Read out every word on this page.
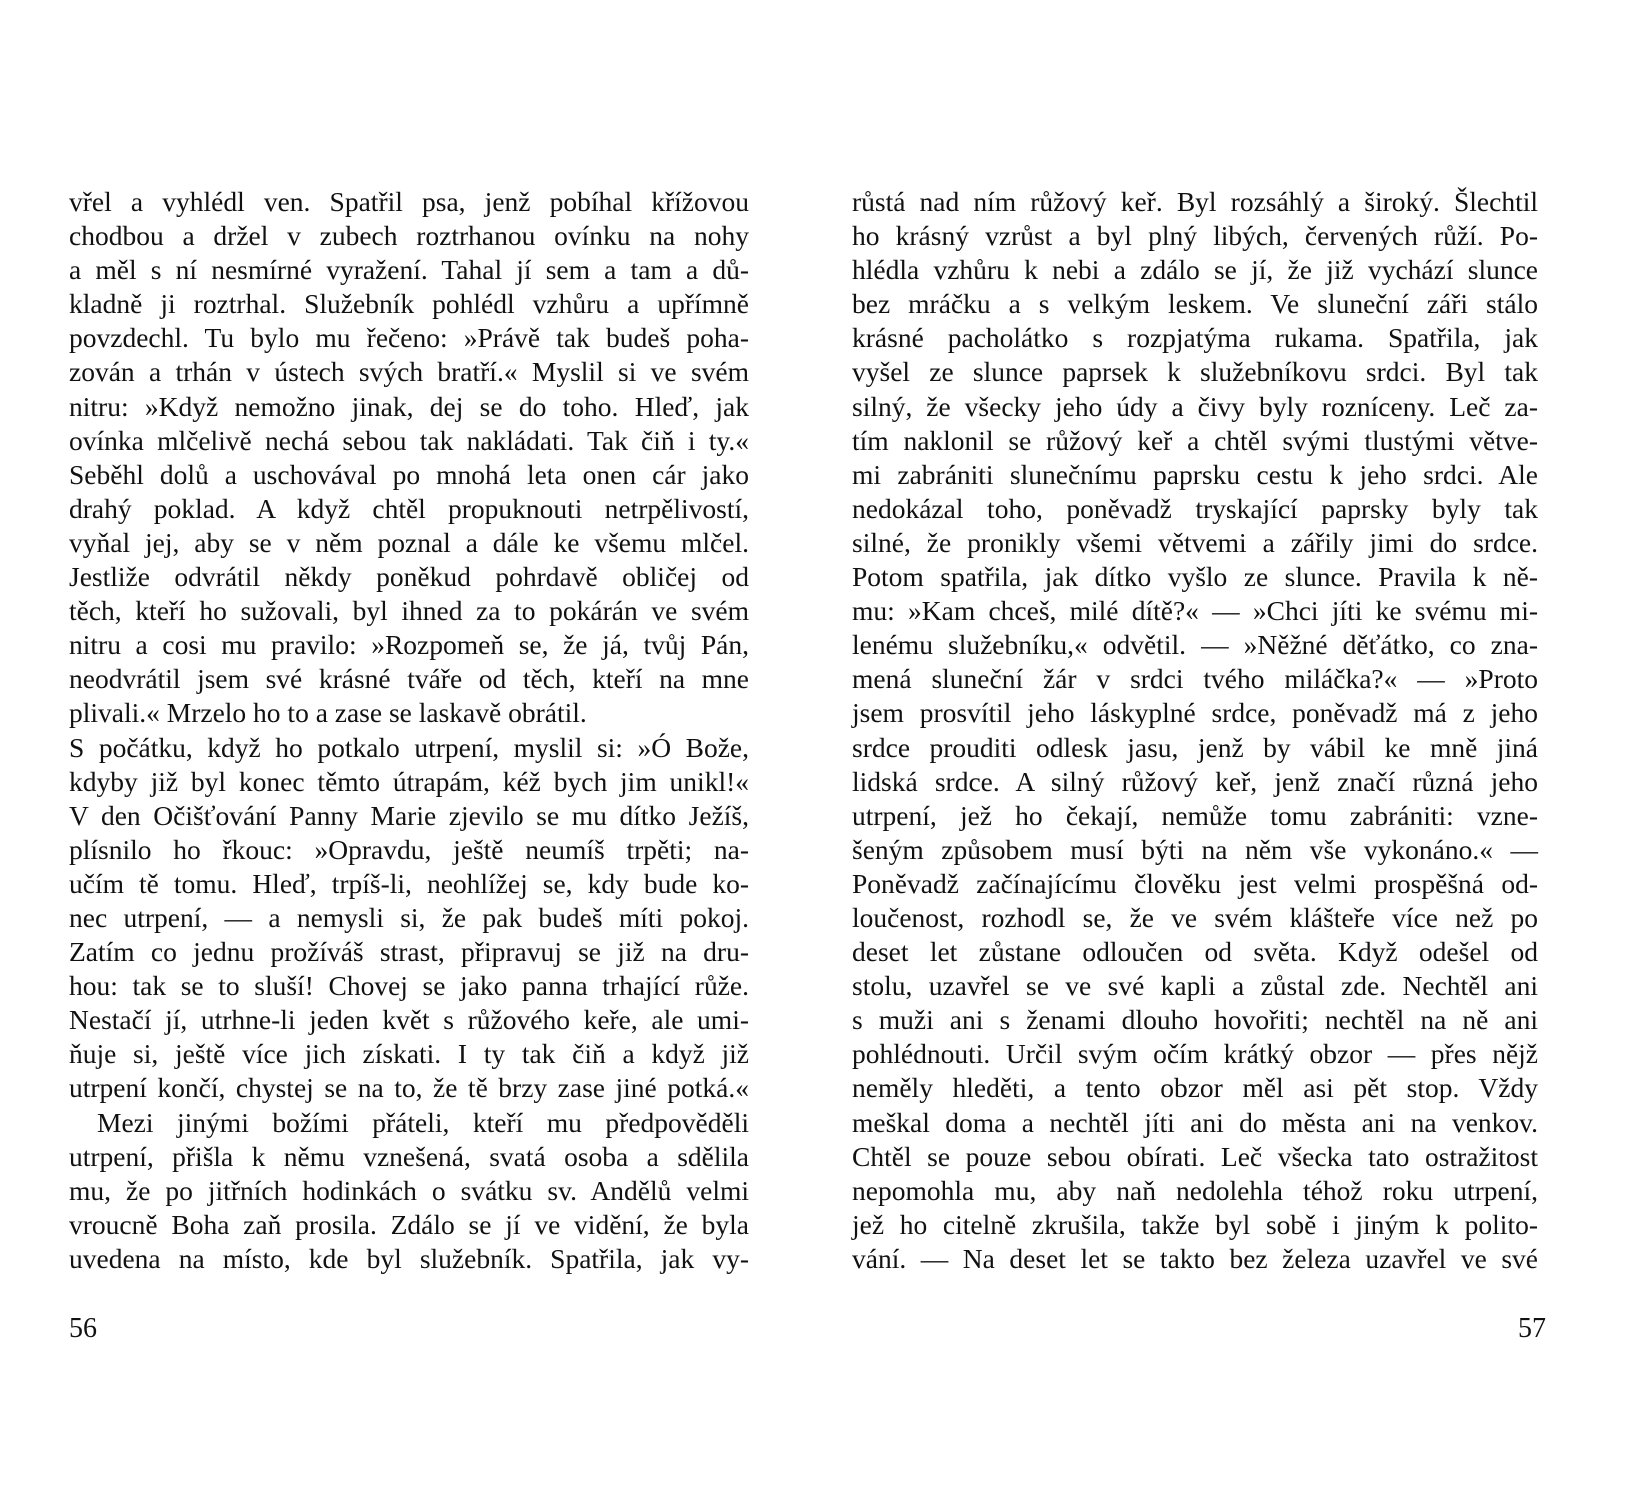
vřel a vyhlédl ven. Spatřil psa, jenž pobíhal křížovou
chodbou a držel v zubech roztrhanou ovínku na nohy
a měl s ní nesmírné vyražení. Tahal jí sem a tam a dů-
kladně ji roztrhal. Služebník pohlédl vzhůru a upřímně
povzdechl. Tu bylo mu řečeno: »Právě tak budeš poha-
zován a trhán v ústech svých bratří.« Myslil si ve svém
nitru: »Když nemožno jinak, dej se do toho. Hleď, jak
ovínka mlčelivě nechá sebou tak nakládati. Tak čiň i ty.«
Seběhl dolů a uschovával po mnohá leta onen cár jako
drahý poklad. A když chtěl propuknouti netrpělivostí,
vyňal jej, aby se v něm poznal a dále ke všemu mlčel.
Jestliže odvrátil někdy poněkud pohrdavě obličej od
těch, kteří ho sužovali, byl ihned za to pokárán ve svém
nitru a cosi mu pravilo: »Rozpomeň se, že já, tvůj Pán,
neodvrátil jsem své krásné tváře od těch, kteří na mne
plivali.« Mrzelo ho to a zase se laskavě obrátil.
S počátku, když ho potkalo utrpení, myslil si: »Ó Bože,
kdyby již byl konec těmto útrapám, kéž bych jim unikl!«
V den Očišťování Panny Marie zjevilo se mu dítko Ježíš,
plísnilo ho řkouc: »Opravdu, ještě neumíš trpěti; na-
učím tě tomu. Hleď, trpíš-li, neohlížej se, kdy bude ko-
nec utrpení, — a nemysli si, že pak budeš míti pokoj.
Zatím co jednu prožíváš strast, připravuj se již na dru-
hou: tak se to sluší! Chovej se jako panna trhající růže.
Nestačí jí, utrhne-li jeden květ s růžového keře, ale umi-
ňuje si, ještě více jich získati. I ty tak čiň a když již
utrpení končí, chystej se na to, že tě brzy zase jiné potká.«
Mezi jinými božími přáteli, kteří mu předpověděli
utrpení, přišla k němu vznešená, svatá osoba a sdělila
mu, že po jitřních hodinkách o svátku sv. Andělů velmi
vroucně Boha zaň prosila. Zdálo se jí ve vidění, že byla
uvedena na místo, kde byl služebník. Spatřila, jak vy-
56
růstá nad ním růžový keř. Byl rozsáhlý a široký. Šlechtil
ho krásný vzrůst a byl plný libých, červených růží. Po-
hlédla vzhůru k nebi a zdálo se jí, že již vychází slunce
bez mráčku a s velkým leskem. Ve sluneční záři stálo
krásné pacholátko s rozpjatýma rukama. Spatřila, jak
vyšel ze slunce paprsek k služebníkovu srdci. Byl tak
silný, že všecky jeho údy a čivy byly rozníceny. Leč za-
tím naklonil se růžový keř a chtěl svými tlustými větve-
mi zabrániti slunečnímu paprsku cestu k jeho srdci. Ale
nedokázal toho, poněvadž tryskající paprsky byly tak
silné, že pronikly všemi větvemi a zářily jimi do srdce.
Potom spatřila, jak dítko vyšlo ze slunce. Pravila k ně-
mu: »Kam chceš, milé dítě?« — »Chci jíti ke svému mi-
lenému služebníku,« odvětil. — »Něžné děťátko, co zna-
mená sluneční žár v srdci tvého miláčka?« — »Proto
jsem prosvítil jeho láskyplné srdce, poněvadž má z jeho
srdce prouditi odlesk jasu, jenž by vábil ke mně jiná
lidská srdce. A silný růžový keř, jenž značí různá jeho
utrpení, jež ho čekají, nemůže tomu zabrániti: vzne-
šeným způsobem musí býti na něm vše vykonáno.« —
Poněvadž začínajícímu člověku jest velmi prospěšná od-
loučenost, rozhodl se, že ve svém klášteře více než po
deset let zůstane odloučen od světa. Když odešel od
stolu, uzavřel se ve své kapli a zůstal zde. Nechtěl ani
s muži ani s ženami dlouho hovořiti; nechtěl na ně ani
pohlédnouti. Určil svým očím krátký obzor — přes nějž
neměly hleděti, a tento obzor měl asi pět stop. Vždy
meškal doma a nechtěl jíti ani do města ani na venkov.
Chtěl se pouze sebou obírati. Leč všecka tato ostražitost
nepomohla mu, aby naň nedolehla téhož roku utrpení,
jež ho citelně zkrušila, takže byl sobě i jiným k polito-
vání. — Na deset let se takto bez železa uzavřel ve své
57
